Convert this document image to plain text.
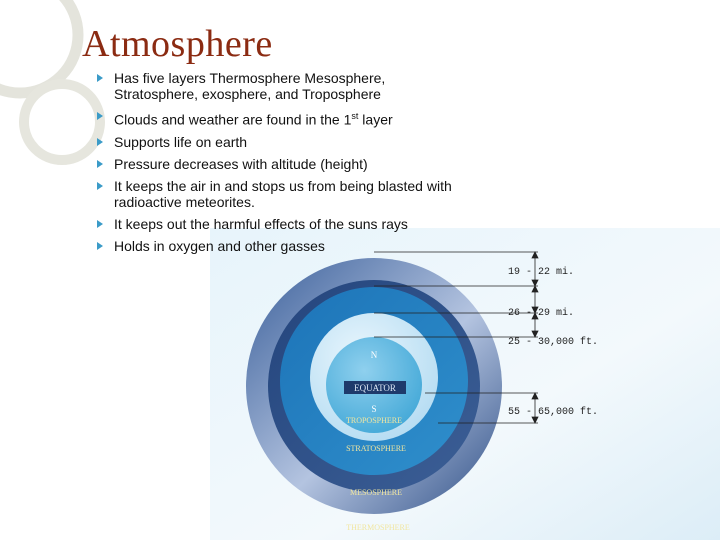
Atmosphere
Has five layers Thermosphere Mesosphere, Stratosphere, exosphere, and Troposphere
Clouds and weather are found in the 1st layer
Supports life on earth
Pressure decreases with altitude (height)
It keeps the air in and stops us from being blasted with radioactive meteorites.
It keeps out the harmful effects of the suns rays
Holds in oxygen and other gasses
EQUATOR
N
S
TROPOSPHERE
STRATOSPHERE
MESOSPHERE
THERMOSPHERE
19 - 22 mi.
26 - 29 mi.
25 - 30,000 ft.
55 - 65,000 ft.
